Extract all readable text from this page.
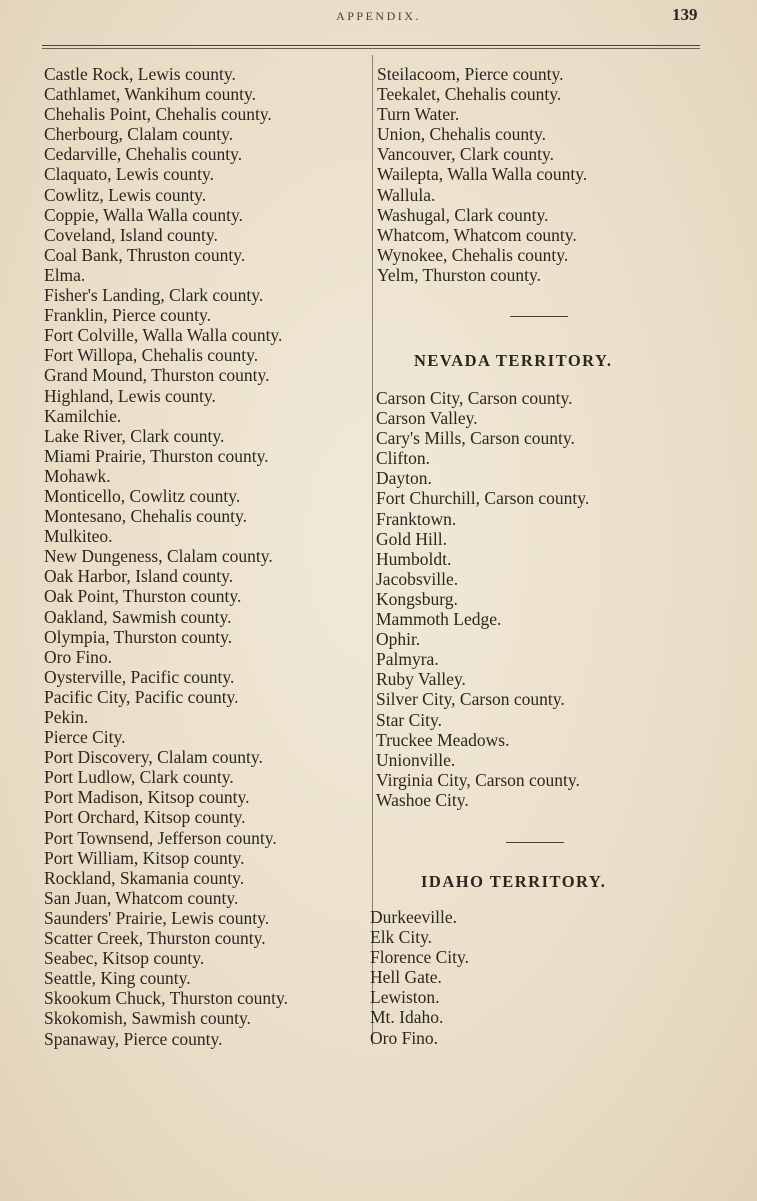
APPENDIX.	139
Castle Rock, Lewis county.
Cathlamet, Wankihum county.
Chehalis Point, Chehalis county.
Cherbourg, Clalam county.
Cedarville, Chehalis county.
Claquato, Lewis county.
Cowlitz, Lewis county.
Coppie, Walla Walla county.
Coveland, Island county.
Coal Bank, Thruston county.
Elma.
Fisher's Landing, Clark county.
Franklin, Pierce county.
Fort Colville, Walla Walla county.
Fort Willopa, Chehalis county.
Grand Mound, Thurston county.
Highland, Lewis county.
Kamilchie.
Lake River, Clark county.
Miami Prairie, Thurston county.
Mohawk.
Monticello, Cowlitz county.
Montesano, Chehalis county.
Mulkiteo.
New Dungeness, Clalam county.
Oak Harbor, Island county.
Oak Point, Thurston county.
Oakland, Sawmish county.
Olympia, Thurston county.
Oro Fino.
Oysterville, Pacific county.
Pacific City, Pacific county.
Pekin.
Pierce City.
Port Discovery, Clalam county.
Port Ludlow, Clark county.
Port Madison, Kitsop county.
Port Orchard, Kitsop county.
Port Townsend, Jefferson county.
Port William, Kitsop county.
Rockland, Skamania county.
San Juan, Whatcom county.
Saunders' Prairie, Lewis county.
Scatter Creek, Thurston county.
Seabec, Kitsop county.
Seattle, King county.
Skookum Chuck, Thurston county.
Skokomish, Sawmish county.
Spanaway, Pierce county.
Steilacoom, Pierce county.
Teekalet, Chehalis county.
Turn Water.
Union, Chehalis county.
Vancouver, Clark county.
Wailepta, Walla Walla county.
Wallula.
Washugal, Clark county.
Whatcom, Whatcom county.
Wynokee, Chehalis county.
Yelm, Thurston county.
NEVADA TERRITORY.
Carson City, Carson county.
Carson Valley.
Cary's Mills, Carson county.
Clifton.
Dayton.
Fort Churchill, Carson county.
Franktown.
Gold Hill.
Humboldt.
Jacobsville.
Kongsburg.
Mammoth Ledge.
Ophir.
Palmyra.
Ruby Valley.
Silver City, Carson county.
Star City.
Truckee Meadows.
Unionville.
Virginia City, Carson county.
Washoe City.
IDAHO TERRITORY.
Durkeeville.
Elk City.
Florence City.
Hell Gate.
Lewiston.
Mt. Idaho.
Oro Fino.
